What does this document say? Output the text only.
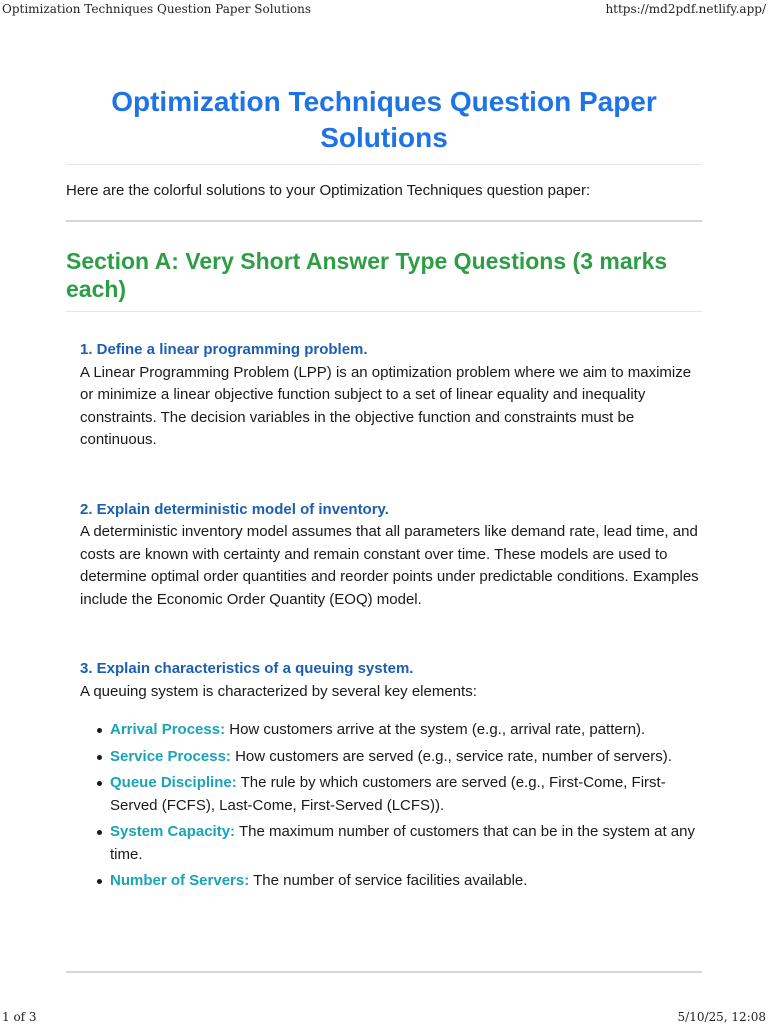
Optimization Techniques Question Paper Solutions	https://md2pdf.netlify.app/
Optimization Techniques Question Paper Solutions

Here are the colorful solutions to your Optimization Techniques question paper:

Section A: Very Short Answer Type Questions (3 marks each)
1. Define a linear programming problem.

A Linear Programming Problem (LPP) is an optimization problem where we aim to maximize or minimize a linear objective function subject to a set of linear equality and inequality constraints. The decision variables in the objective function and constraints must be continuous.

2. Explain deterministic model of inventory.

A deterministic inventory model assumes that all parameters like demand rate, lead time, and costs are known with certainty and remain constant over time. These models are used to determine optimal order quantities and reorder points under predictable conditions. Examples include the Economic Order Quantity (EOQ) model.

3. Explain characteristics of a queuing system.

A queuing system is characterized by several key elements:

Arrival Process: How customers arrive at the system (e.g., arrival rate, pattern).
Service Process: How customers are served (e.g., service rate, number of servers).
Queue Discipline: The rule by which customers are served (e.g., First-Come, First-Served (FCFS), Last-Come, First-Served (LCFS)).
System Capacity: The maximum number of customers that can be in the system at any time.
Number of Servers: The number of service facilities available.
1 of 3	5/10/25, 12:08
